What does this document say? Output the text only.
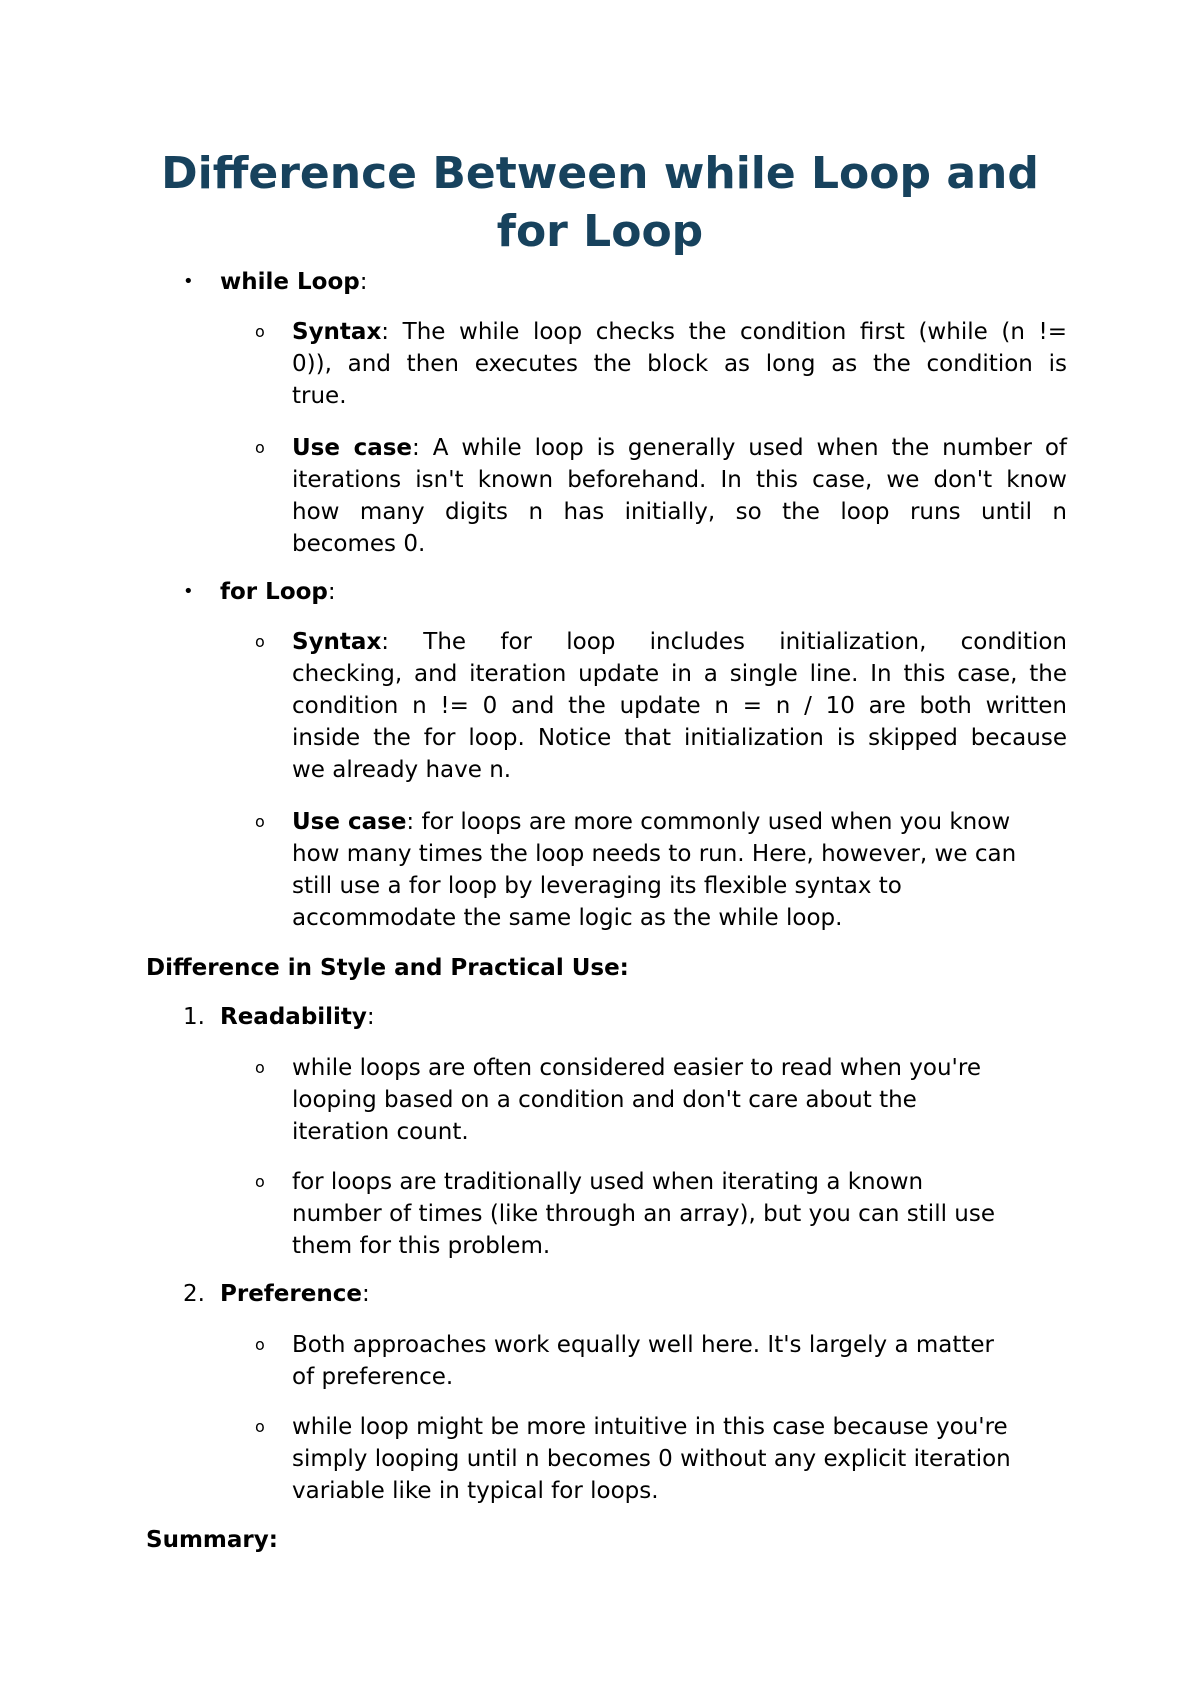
Difference Between while Loop and for Loop
• while Loop:

o Syntax: The while loop checks the condition first (while (n !=

0)), and then executes the block as long as the condition is

true.

o Use case: A while loop is generally used when the number of

iterations isn't known beforehand. In this case, we don't know

how many digits n has initially, so the loop runs until n

becomes 0.

• for Loop:

o Syntax: The for loop includes initialization, condition

checking, and iteration update in a single line. In this case, the

condition n != 0 and the update n = n / 10 are both written

inside the for loop. Notice that initialization is skipped because

we already have n.

o Use case: for loops are more commonly used when you know

how many times the loop needs to run. Here, however, we can

still use a for loop by leveraging its flexible syntax to

accommodate the same logic as the while loop.

Difference in Style and Practical Use:

1. Readability:

o while loops are often considered easier to read when you're

looping based on a condition and don't care about the

iteration count.

o for loops are traditionally used when iterating a known

number of times (like through an array), but you can still use

them for this problem.

2. Preference:

o Both approaches work equally well here. It's largely a matter

of preference.

o while loop might be more intuitive in this case because you're

simply looping until n becomes 0 without any explicit iteration

variable like in typical for loops.

Summary:
